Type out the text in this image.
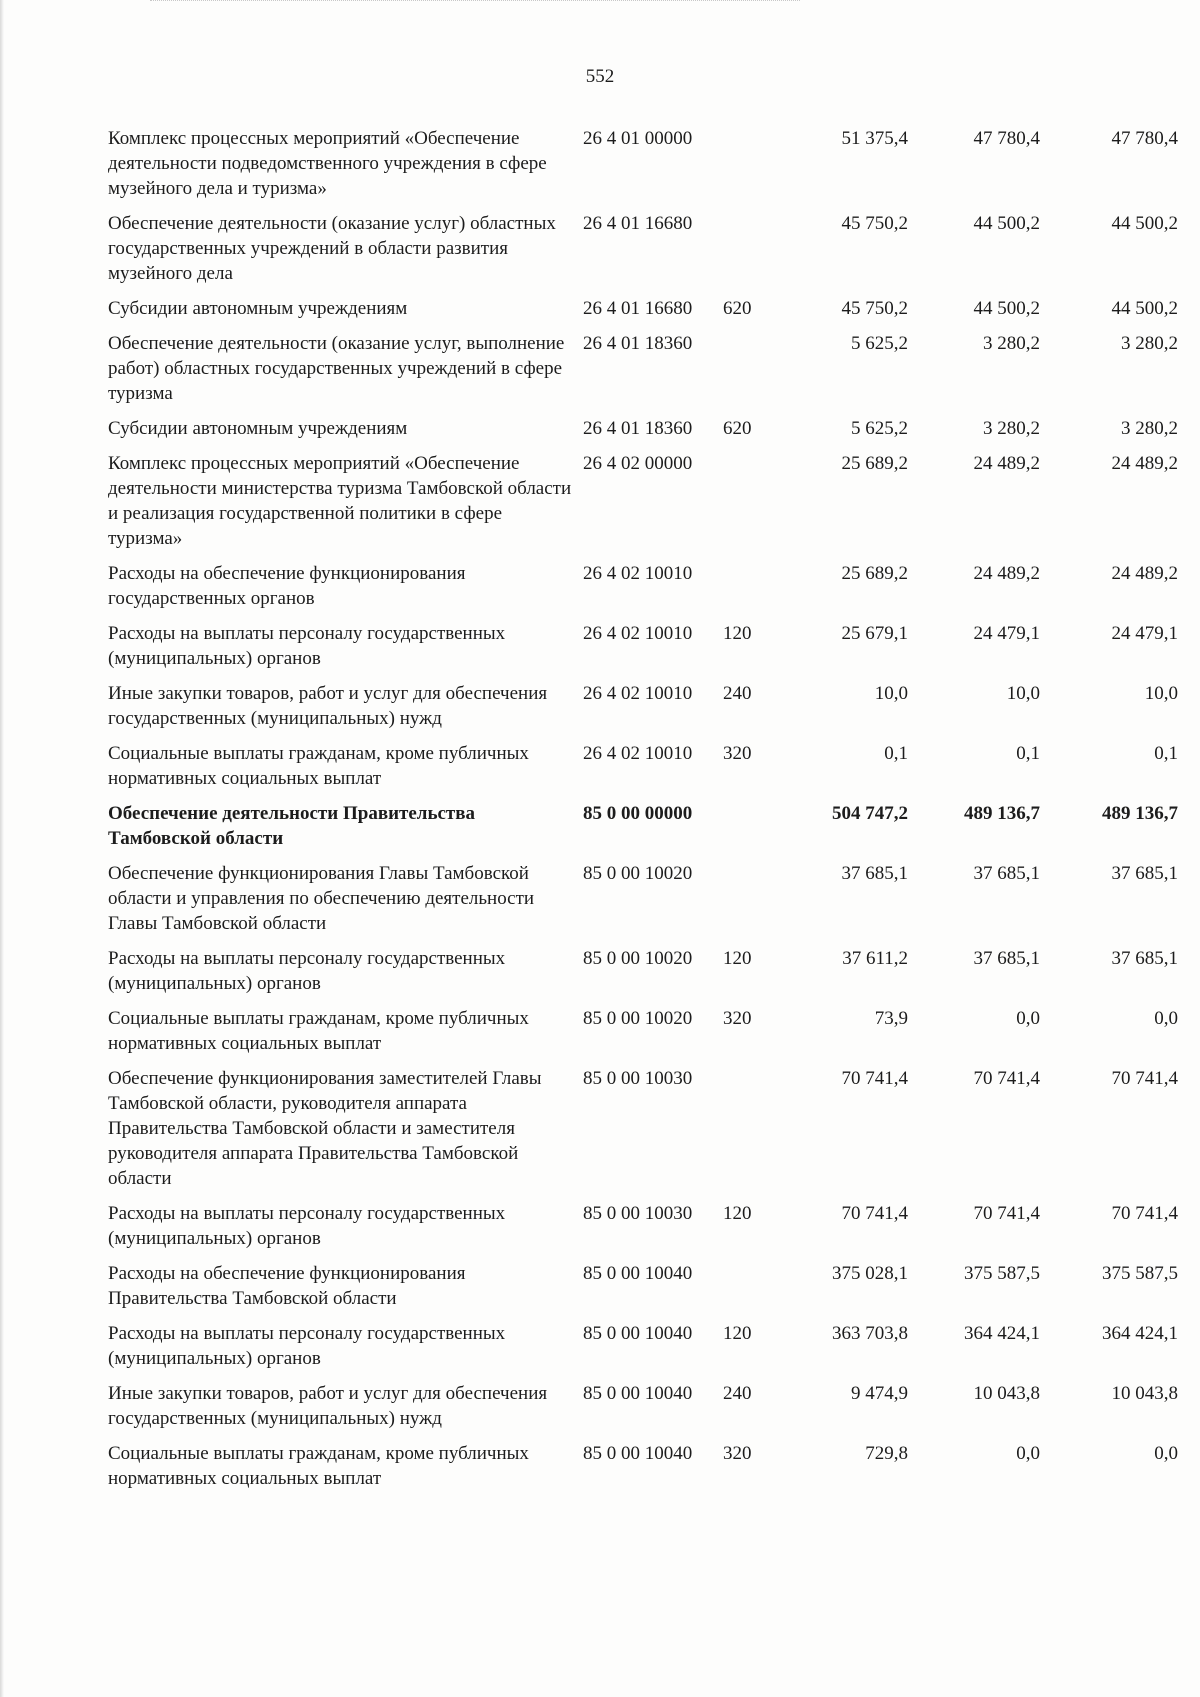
552
Комплекс процессных мероприятий «Обеспечение деятельности подведомственного учреждения в сфере музейного дела и туризма»	26 4 01 00000		51 375,4	47 780,4	47 780,4
Обеспечение деятельности (оказание услуг) областных государственных учреждений в области развития музейного дела	26 4 01 16680		45 750,2	44 500,2	44 500,2
Субсидии автономным учреждениям	26 4 01 16680	620	45 750,2	44 500,2	44 500,2
Обеспечение деятельности (оказание услуг, выполнение работ) областных государственных учреждений в сфере туризма	26 4 01 18360		5 625,2	3 280,2	3 280,2
Субсидии автономным учреждениям	26 4 01 18360	620	5 625,2	3 280,2	3 280,2
Комплекс процессных мероприятий «Обеспечение деятельности министерства туризма Тамбовской области и реализация государственной политики в сфере туризма»	26 4 02 00000		25 689,2	24 489,2	24 489,2
Расходы на обеспечение функционирования государственных органов	26 4 02 10010		25 689,2	24 489,2	24 489,2
Расходы на выплаты персоналу государственных (муниципальных) органов	26 4 02 10010	120	25 679,1	24 479,1	24 479,1
Иные закупки товаров, работ и услуг для обеспечения государственных (муниципальных) нужд	26 4 02 10010	240	10,0	10,0	10,0
Социальные выплаты гражданам, кроме публичных нормативных социальных выплат	26 4 02 10010	320	0,1	0,1	0,1
Обеспечение деятельности Правительства Тамбовской области	85 0 00 00000		504 747,2	489 136,7	489 136,7
Обеспечение функционирования Главы Тамбовской области и управления по обеспечению деятельности Главы Тамбовской области	85 0 00 10020		37 685,1	37 685,1	37 685,1
Расходы на выплаты персоналу государственных (муниципальных) органов	85 0 00 10020	120	37 611,2	37 685,1	37 685,1
Социальные выплаты гражданам, кроме публичных нормативных социальных выплат	85 0 00 10020	320	73,9	0,0	0,0
Обеспечение функционирования заместителей Главы Тамбовской области, руководителя аппарата Правительства Тамбовской области и заместителя руководителя аппарата Правительства Тамбовской области	85 0 00 10030		70 741,4	70 741,4	70 741,4
Расходы на выплаты персоналу государственных (муниципальных) органов	85 0 00 10030	120	70 741,4	70 741,4	70 741,4
Расходы на обеспечение функционирования Правительства Тамбовской области	85 0 00 10040		375 028,1	375 587,5	375 587,5
Расходы на выплаты персоналу государственных (муниципальных) органов	85 0 00 10040	120	363 703,8	364 424,1	364 424,1
Иные закупки товаров, работ и услуг для обеспечения государственных (муниципальных) нужд	85 0 00 10040	240	9 474,9	10 043,8	10 043,8
Социальные выплаты гражданам, кроме публичных нормативных социальных выплат	85 0 00 10040	320	729,8	0,0	0,0
